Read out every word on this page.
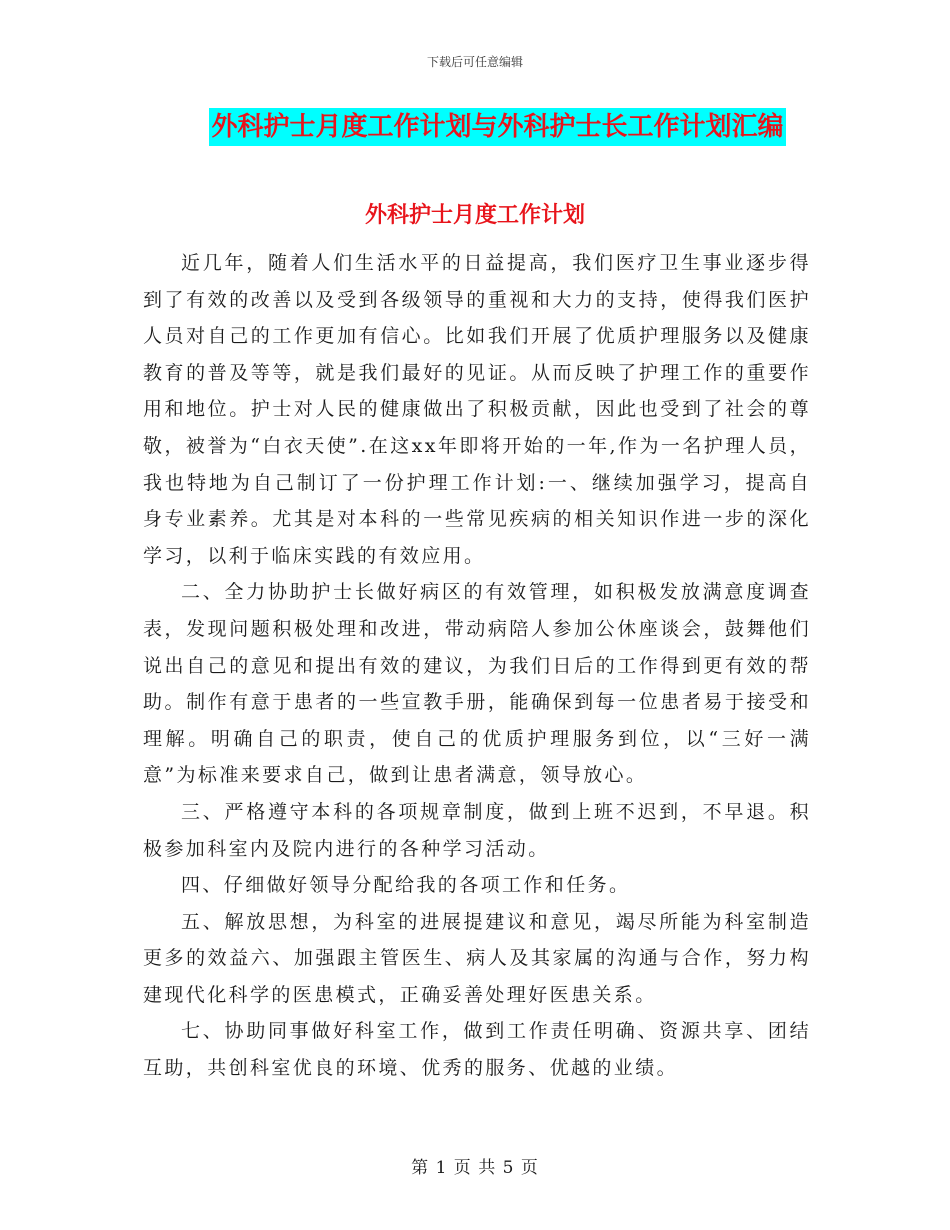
下载后可任意编辑
外科护士月度工作计划与外科护士长工作计划汇编
外科护士月度工作计划

近几年，随着人们生活水平的日益提高，我们医疗卫生事业逐步得到了有效的改善以及受到各级领导的重视和大力的支持，使得我们医护人员对自己的工作更加有信心。比如我们开展了优质护理服务以及健康教育的普及等等，就是我们最好的见证。从而反映了护理工作的重要作用和地位。护士对人民的健康做出了积极贡献，因此也受到了社会的尊敬，被誉为“白衣天使”.在这xx年即将开始的一年,作为一名护理人员，我也特地为自己制订了一份护理工作计划:一、继续加强学习，提高自身专业素养。尤其是对本科的一些常见疾病的相关知识作进一步的深化学习，以利于临床实践的有效应用。

二、全力协助护士长做好病区的有效管理，如积极发放满意度调查表，发现问题积极处理和改进，带动病陪人参加公休座谈会，鼓舞他们说出自己的意见和提出有效的建议，为我们日后的工作得到更有效的帮助。制作有意于患者的一些宣教手册，能确保到每一位患者易于接受和理解。明确自己的职责，使自己的优质护理服务到位，以“三好一满意”为标准来要求自己，做到让患者满意，领导放心。

三、严格遵守本科的各项规章制度，做到上班不迟到，不早退。积极参加科室内及院内进行的各种学习活动。

四、仔细做好领导分配给我的各项工作和任务。

五、解放思想，为科室的进展提建议和意见，竭尽所能为科室制造更多的效益六、加强跟主管医生、病人及其家属的沟通与合作，努力构建现代化科学的医患模式，正确妥善处理好医患关系。

七、协助同事做好科室工作，做到工作责任明确、资源共享、团结互助，共创科室优良的环境、优秀的服务、优越的业绩。

第 1 页 共 5 页
